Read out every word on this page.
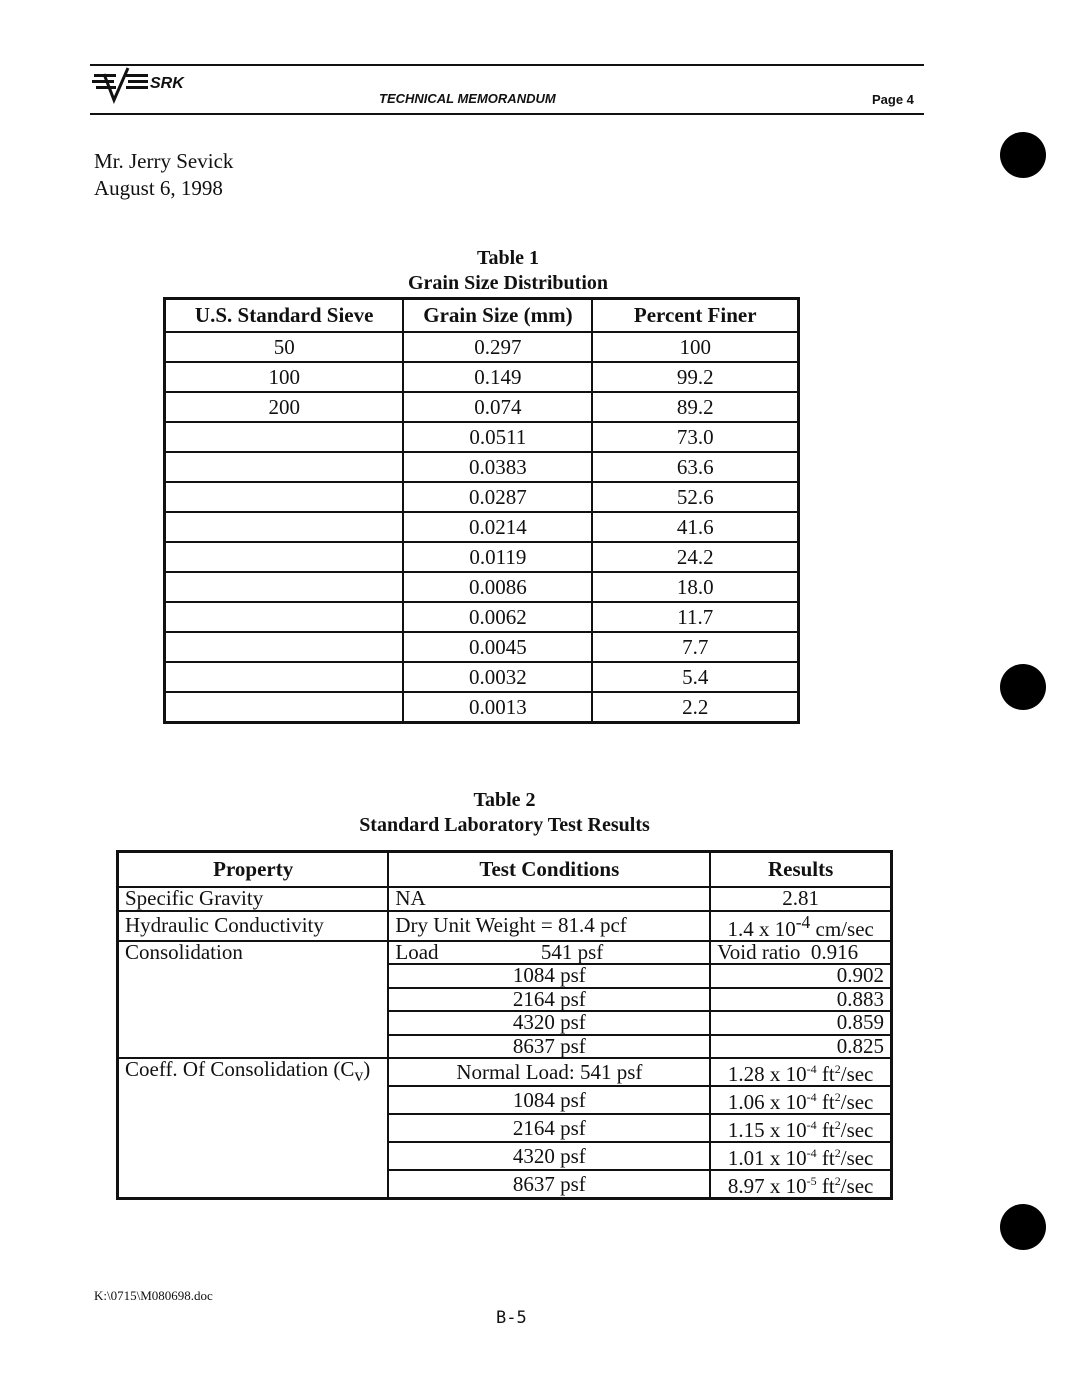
SRK
TECHNICAL MEMORANDUM	Page 4
Mr. Jerry Sevick
August 6, 1998
Table 1
Grain Size Distribution
U.S. Standard Sieve	Grain Size (mm)	Percent Finer
50	0.297	100
100	0.149	99.2
200	0.074	89.2
	0.0511	73.0
	0.0383	63.6
	0.0287	52.6
	0.0214	41.6
	0.0119	24.2
	0.0086	18.0
	0.0062	11.7
	0.0045	7.7
	0.0032	5.4
	0.0013	2.2
Table 2
Standard Laboratory Test Results
Property	Test Conditions	Results
Specific Gravity	NA	2.81
Hydraulic Conductivity	Dry Unit Weight = 81.4 pcf	1.4 x $10^{-4}$ cm/sec
Consolidation	Load 541 psf	Void ratio 0.916
	1084 psf	0.902
	2164 psf	0.883
	4320 psf	0.859
	8637 psf	0.825
Coeff. Of Consolidation $(C_v)$	Normal Load: 541 psf	1.28 x $10^{-4}$ $ft^2/\sec$
	1084 psf	1.06 x $10^{-4}$ $ft^2/\sec$
	2164 psf	1.15 x $10^{-4}$ $ft^2/\sec$
	4320 psf	1.01 x $10^{-4}$ $ft^2/\sec$
	8637 psf	8.97 x $10^{-5}$ $ft^2/\sec$
K:\0715\M080698.doc
B-5
